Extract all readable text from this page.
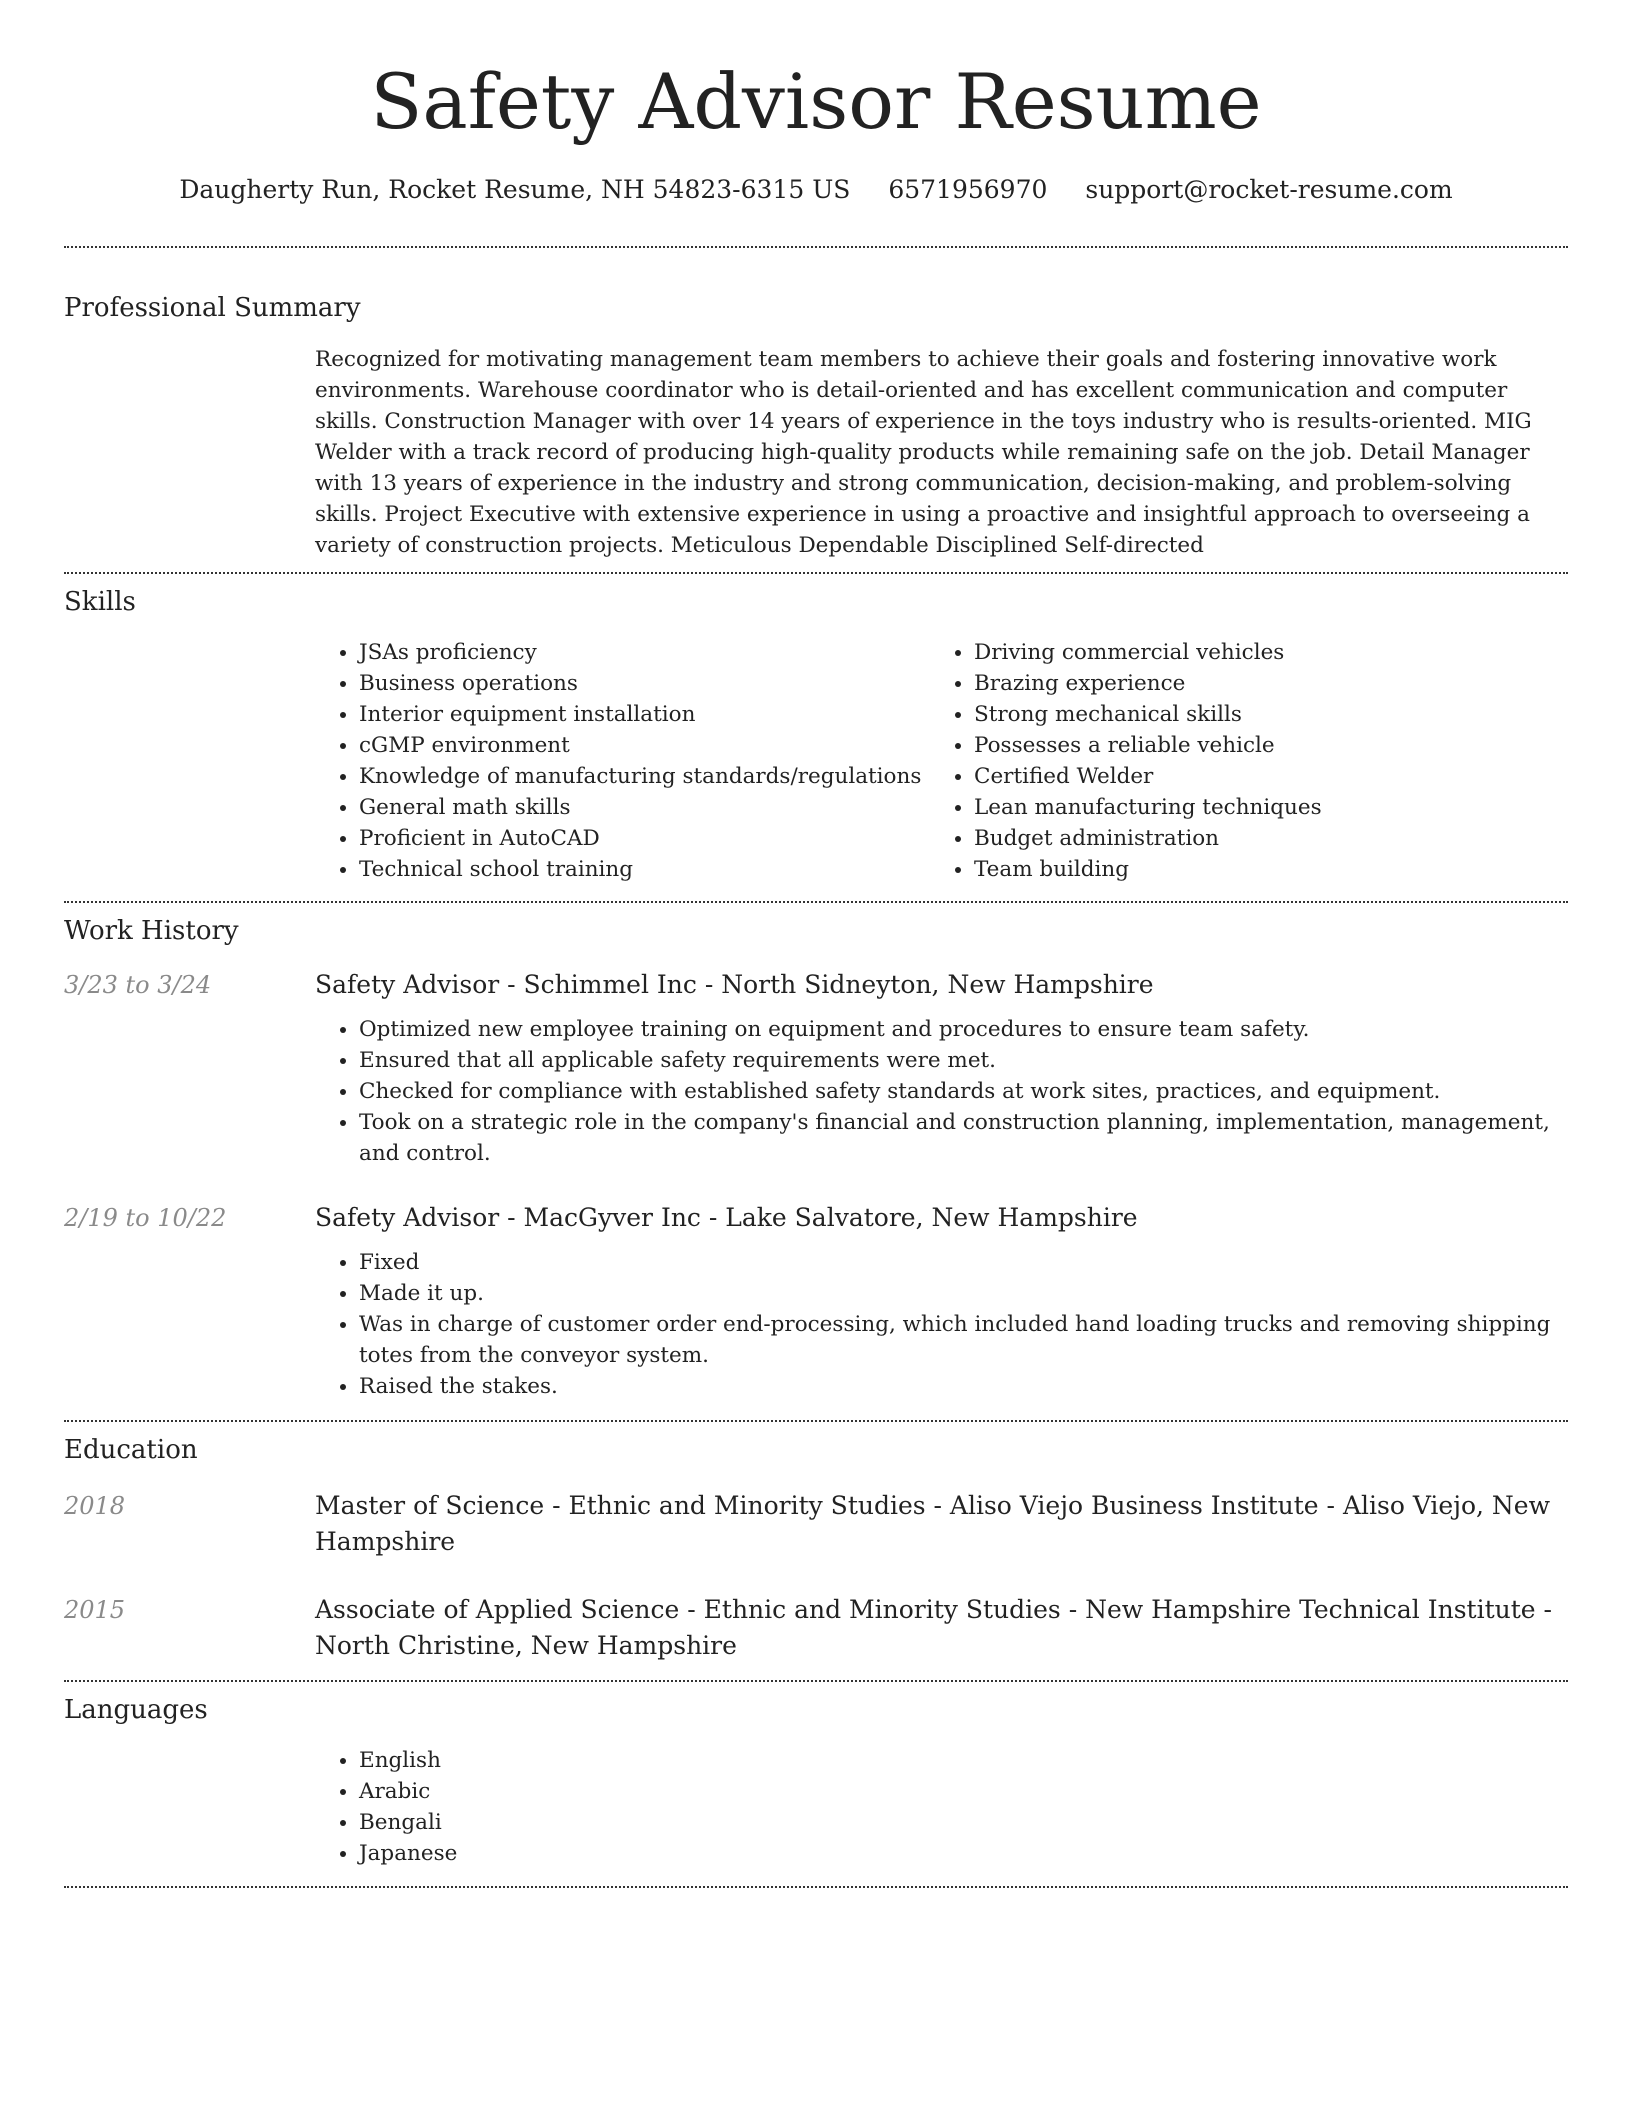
Safety Advisor Resume
Daugherty Run, Rocket Resume, NH 54823-6315 US 6571956970 support@rocket-resume.com
Professional Summary
Recognized for motivating management team members to achieve their goals and fostering innovative work environments. Warehouse coordinator who is detail-oriented and has excellent communication and computer skills. Construction Manager with over 14 years of experience in the toys industry who is results-oriented. MIG Welder with a track record of producing high-quality products while remaining safe on the job. Detail Manager with 13 years of experience in the industry and strong communication, decision-making, and problem-solving skills. Project Executive with extensive experience in using a proactive and insightful approach to overseeing a variety of construction projects. Meticulous Dependable Disciplined Self-directed
Skills
• JSAs proficiency
• Business operations
• Interior equipment installation
• cGMP environment
• Knowledge of manufacturing standards/regulations
• General math skills
• Proficient in AutoCAD
• Technical school training
• Driving commercial vehicles
• Brazing experience
• Strong mechanical skills
• Possesses a reliable vehicle
• Certified Welder
• Lean manufacturing techniques
• Budget administration
• Team building
Work History
3/23 to 3/24	Safety Advisor - Schimmel Inc - North Sidneyton, New Hampshire
• Optimized new employee training on equipment and procedures to ensure team safety.
• Ensured that all applicable safety requirements were met.
• Checked for compliance with established safety standards at work sites, practices, and equipment.
• Took on a strategic role in the company's financial and construction planning, implementation, management, and control.
2/19 to 10/22	Safety Advisor - MacGyver Inc - Lake Salvatore, New Hampshire
• Fixed
• Made it up.
• Was in charge of customer order end-processing, which included hand loading trucks and removing shipping totes from the conveyor system.
• Raised the stakes.
Education
2018	Master of Science - Ethnic and Minority Studies - Aliso Viejo Business Institute - Aliso Viejo, New Hampshire
2015	Associate of Applied Science - Ethnic and Minority Studies - New Hampshire Technical Institute - North Christine, New Hampshire
Languages
• English
• Arabic
• Bengali
• Japanese
